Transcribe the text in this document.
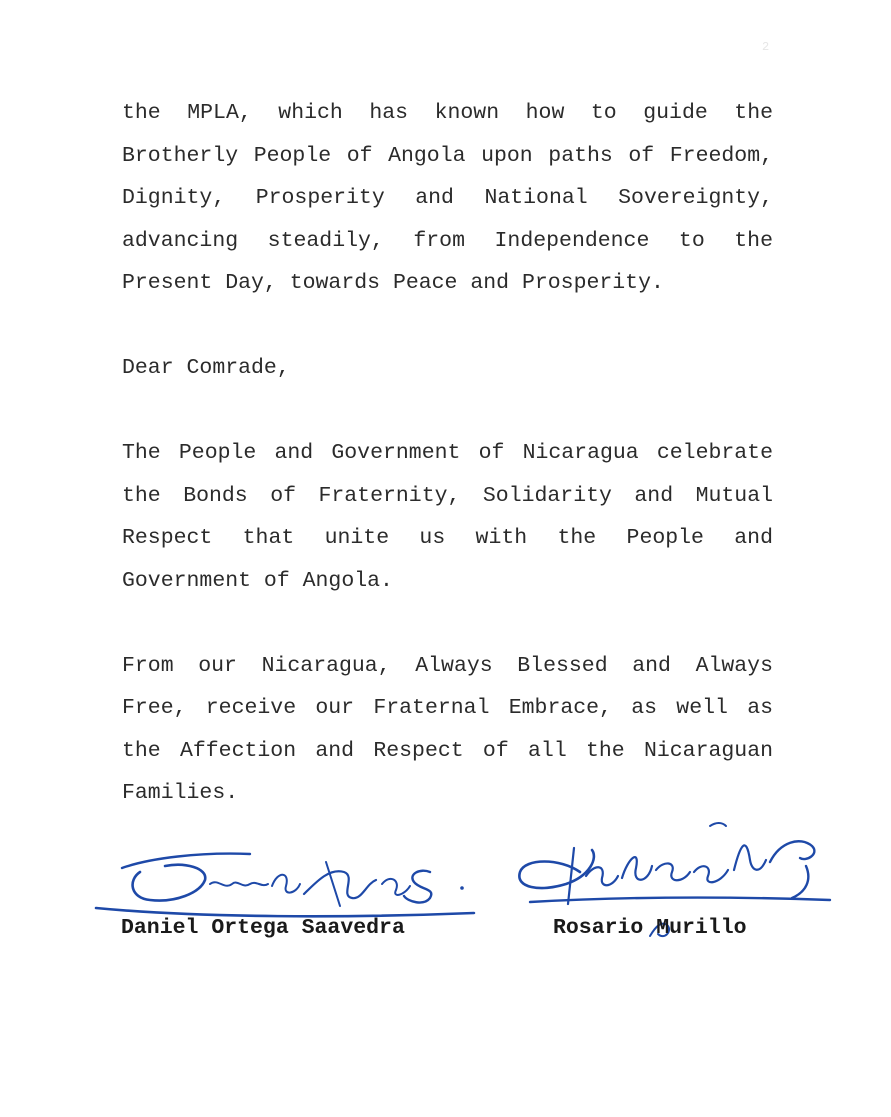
2

the MPLA, which has known how to guide the Brotherly People of Angola upon paths of Freedom, Dignity, Prosperity and National Sovereignty, advancing steadily, from Independence to the Present Day, towards Peace and Prosperity.

Dear Comrade,

The People and Government of Nicaragua celebrate the Bonds of Fraternity, Solidarity and Mutual Respect that unite us with the People and Government of Angola.

From our Nicaragua, Always Blessed and Always Free, receive our Fraternal Embrace, as well as the Affection and Respect of all the Nicaraguan Families.

Daniel Ortega Saavedra	Rosario Murillo
